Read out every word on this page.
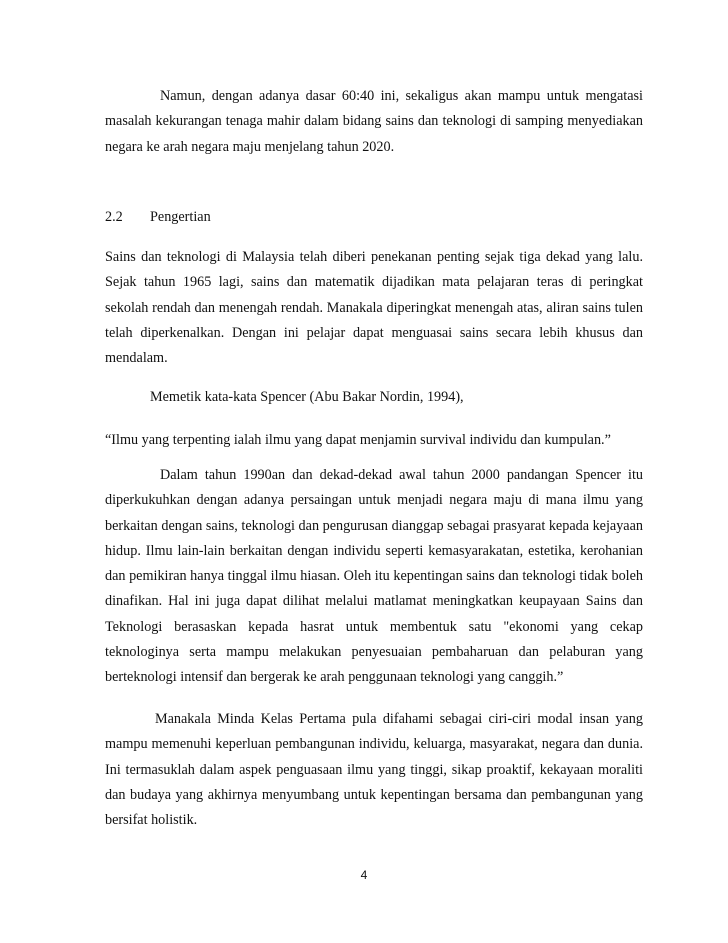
Namun, dengan adanya dasar 60:40 ini, sekaligus akan mampu untuk mengatasi masalah kekurangan tenaga mahir dalam bidang sains dan teknologi di samping menyediakan negara ke arah negara maju menjelang tahun 2020.

2.2 Pengertian

Sains dan teknologi di Malaysia telah diberi penekanan penting sejak tiga dekad yang lalu. Sejak tahun 1965 lagi, sains dan matematik dijadikan mata pelajaran teras di peringkat sekolah rendah dan menengah rendah. Manakala diperingkat menengah atas, aliran sains tulen telah diperkenalkan. Dengan ini pelajar dapat menguasai sains secara lebih khusus dan mendalam.

Memetik kata-kata Spencer (Abu Bakar Nordin, 1994),

“Ilmu yang terpenting ialah ilmu yang dapat menjamin survival individu dan kumpulan.”

Dalam tahun 1990an dan dekad-dekad awal tahun 2000 pandangan Spencer itu diperkukuhkan dengan adanya persaingan untuk menjadi negara maju di mana ilmu yang berkaitan dengan sains, teknologi dan pengurusan dianggap sebagai prasyarat kepada kejayaan hidup. Ilmu lain-lain berkaitan dengan individu seperti kemasyarakatan, estetika, kerohanian dan pemikiran hanya tinggal ilmu hiasan. Oleh itu kepentingan sains dan teknologi tidak boleh dinafikan. Hal ini juga dapat dilihat melalui matlamat meningkatkan keupayaan Sains dan Teknologi berasaskan kepada hasrat untuk membentuk satu "ekonomi yang cekap teknologinya serta mampu melakukan penyesuaian pembaharuan dan pelaburan yang berteknologi intensif dan bergerak ke arah penggunaan teknologi yang canggih.”

Manakala Minda Kelas Pertama pula difahami sebagai ciri-ciri modal insan yang mampu memenuhi keperluan pembangunan individu, keluarga, masyarakat, negara dan dunia. Ini termasuklah dalam aspek penguasaan ilmu yang tinggi, sikap proaktif, kekayaan moraliti dan budaya yang akhirnya menyumbang untuk kepentingan bersama dan pembangunan yang bersifat holistik.

4
